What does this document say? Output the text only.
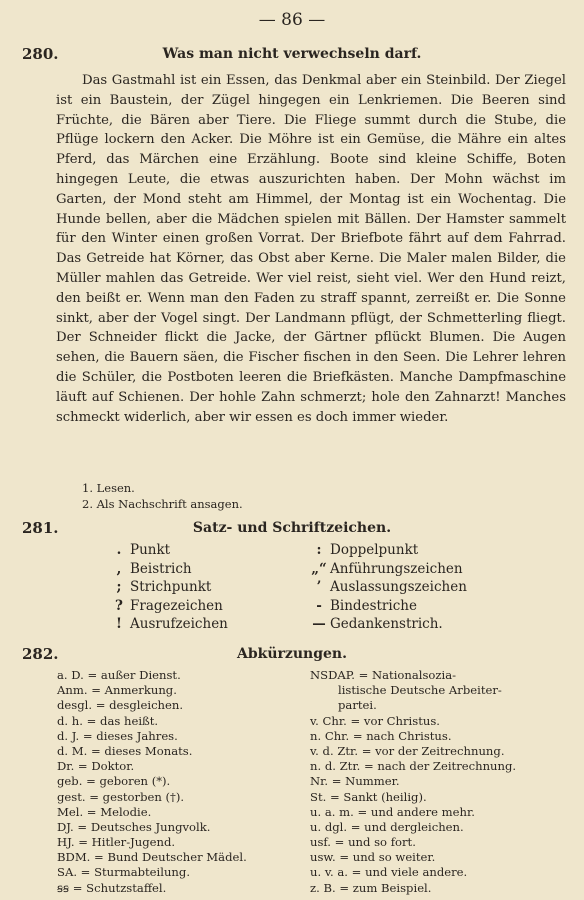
— 86 —
280.	Was man nicht verwechseln darf.

Das Gastmahl ist ein Essen, das Denkmal aber ein Steinbild. Der Ziegel ist ein Baustein, der Zügel hingegen ein Lenkriemen. Die Beeren sind Früchte, die Bären aber Tiere. Die Fliege summt durch die Stube, die Pflüge lockern den Acker. Die Möhre ist ein Gemüse, die Mähre ein altes Pferd, das Märchen eine Erzählung. Boote sind kleine Schiffe, Boten hingegen Leute, die etwas auszurichten haben. Der Mohn wächst im Garten, der Mond steht am Himmel, der Montag ist ein Wochentag. Die Hunde bellen, aber die Mädchen spielen mit Bällen. Der Hamster sammelt für den Winter einen großen Vorrat. Der Briefbote fährt auf dem Fahrrad. Das Getreide hat Körner, das Obst aber Kerne. Die Maler malen Bilder, die Müller mahlen das Getreide. Wer viel reist, sieht viel. Wer den Hund reizt, den beißt er. Wenn man den Faden zu straff spannt, zerreißt er. Die Sonne sinkt, aber der Vogel singt. Der Landmann pflügt, der Schmetterling fliegt. Der Schneider flickt die Jacke, der Gärtner pflückt Blumen. Die Augen sehen, die Bauern säen, die Fischer fischen in den Seen. Die Lehrer lehren die Schüler, die Postboten leeren die Briefkästen. Manche Dampfmaschine läuft auf Schienen. Der hohle Zahn schmerzt; hole den Zahnarzt! Manches schmeckt widerlich, aber wir essen es doch immer wieder.

1. Lesen.
2. Als Nachschrift ansagen.
281.	Satz- und Schriftzeichen.
. Punkt
, Beistrich
; Strichpunkt
? Fragezeichen
! Ausrufzeichen
: Doppelpunkt
„“ Anführungszeichen
’ Auslassungszeichen
- Bindestriche
— Gedankenstrich.
282.	Abkürzungen.
a. D. = außer Dienst.
Anm. = Anmerkung.
desgl. = desgleichen.
d. h. = das heißt.
d. J. = dieses Jahres.
d. M. = dieses Monats.
Dr. = Doktor.
geb. = geboren (*).
gest. = gestorben (†).
Mel. = Melodie.
DJ. = Deutsches Jungvolk.
HJ. = Hitler-Jugend.
BDM. = Bund Deutscher Mädel.
SA. = Sturmabteilung.
ꞩꞩ = Schutzstaffel.
NSDAP. = Nationalsozia-
listische Deutsche Arbeiter-
partei.
v. Chr. = vor Christus.
n. Chr. = nach Christus.
v. d. Ztr. = vor der Zeitrechnung.
n. d. Ztr. = nach der Zeitrechnung.
Nr. = Nummer.
St. = Sankt (heilig).
u. a. m. = und andere mehr.
u. dgl. = und dergleichen.
usf. = und so fort.
usw. = und so weiter.
u. v. a. = und viele andere.
z. B. = zum Beispiel.
